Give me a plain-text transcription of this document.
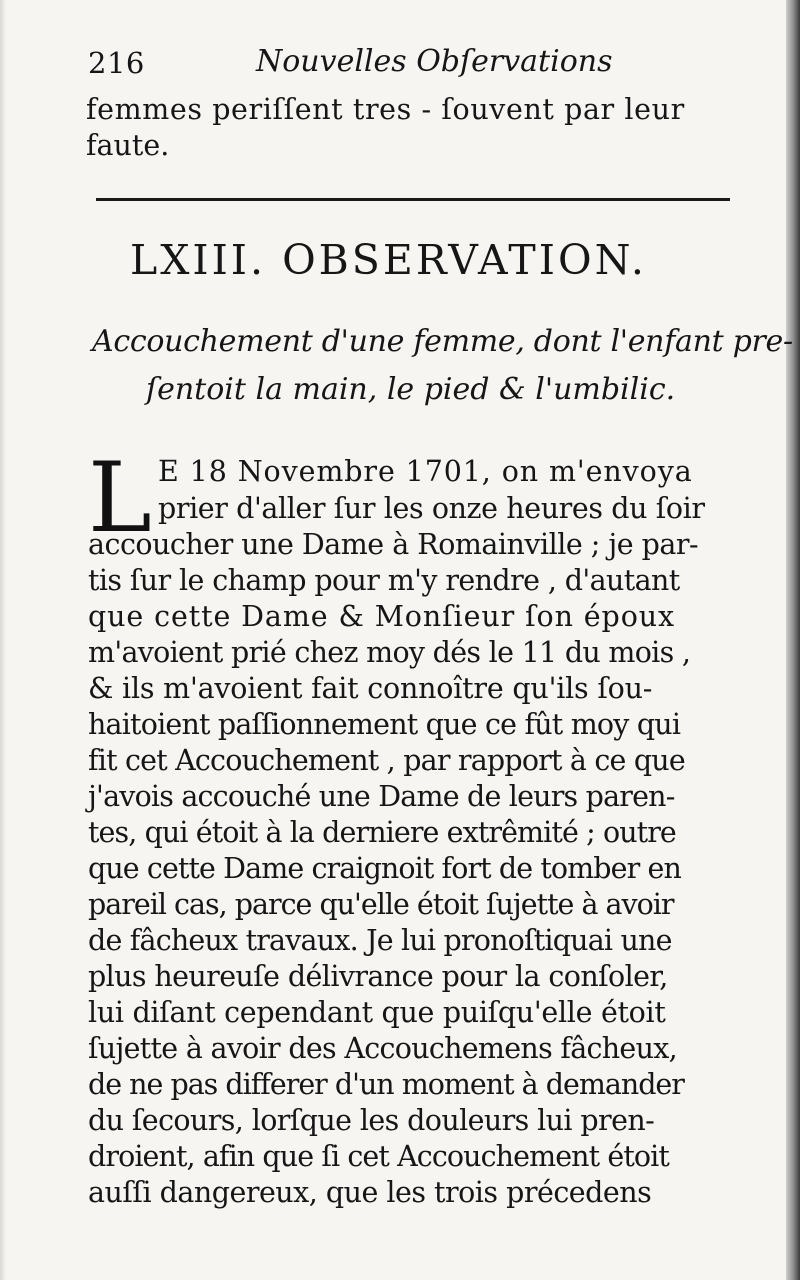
216	Nouvelles Obſervations
femmes periſſent tres - ſouvent par leur
faute.
LXIII. OBSERVATION.
Accouchement d'une femme, dont l'enfant pre-
ſentoit la main, le pied & l'umbilic.
L E 18 Novembre 1701, on m'envoya
prier d'aller ſur les onze heures du ſoir
accoucher une Dame à Romainville ; je par-
tis ſur le champ pour m'y rendre , d'autant
que cette Dame & Monſieur ſon époux
m'avoient prié chez moy dés le 11 du mois ,
& ils m'avoient fait connoître qu'ils ſou-
haitoient paſſionnement que ce fût moy qui
fit cet Accouchement , par rapport à ce que
j'avois accouché une Dame de leurs paren-
tes, qui étoit à la derniere extrêmité ; outre
que cette Dame craignoit fort de tomber en
pareil cas, parce qu'elle étoit ſujette à avoir
de fâcheux travaux. Je lui pronoſtiquai une
plus heureuſe délivrance pour la conſoler,
lui diſant cependant que puiſqu'elle étoit
ſujette à avoir des Accouchemens fâcheux,
de ne pas differer d'un moment à demander
du ſecours, lorſque les douleurs lui pren-
droient, afin que ſi cet Accouchement étoit
auſſi dangereux, que les trois précedens
